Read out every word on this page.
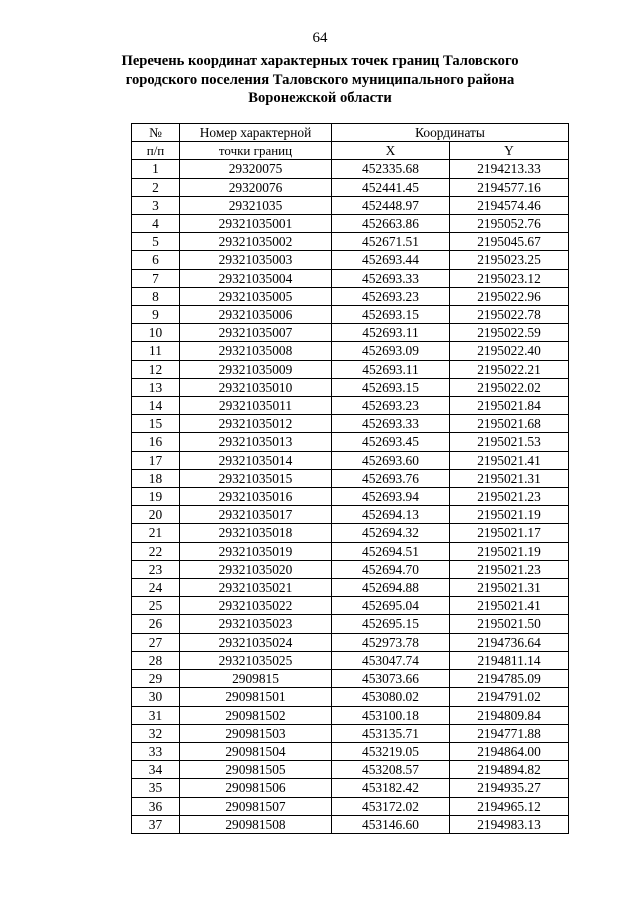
64
Перечень координат характерных точек границ Таловского
городского поселения Таловского муниципального района
Воронежской области
№	Номер характерной	Координаты	
п/п	точки границ	X	Y
1	29320075	452335.68	2194213.33
2	29320076	452441.45	2194577.16
3	29321035	452448.97	2194574.46
4	29321035001	452663.86	2195052.76
5	29321035002	452671.51	2195045.67
6	29321035003	452693.44	2195023.25
7	29321035004	452693.33	2195023.12
8	29321035005	452693.23	2195022.96
9	29321035006	452693.15	2195022.78
10	29321035007	452693.11	2195022.59
11	29321035008	452693.09	2195022.40
12	29321035009	452693.11	2195022.21
13	29321035010	452693.15	2195022.02
14	29321035011	452693.23	2195021.84
15	29321035012	452693.33	2195021.68
16	29321035013	452693.45	2195021.53
17	29321035014	452693.60	2195021.41
18	29321035015	452693.76	2195021.31
19	29321035016	452693.94	2195021.23
20	29321035017	452694.13	2195021.19
21	29321035018	452694.32	2195021.17
22	29321035019	452694.51	2195021.19
23	29321035020	452694.70	2195021.23
24	29321035021	452694.88	2195021.31
25	29321035022	452695.04	2195021.41
26	29321035023	452695.15	2195021.50
27	29321035024	452973.78	2194736.64
28	29321035025	453047.74	2194811.14
29	2909815	453073.66	2194785.09
30	290981501	453080.02	2194791.02
31	290981502	453100.18	2194809.84
32	290981503	453135.71	2194771.88
33	290981504	453219.05	2194864.00
34	290981505	453208.57	2194894.82
35	290981506	453182.42	2194935.27
36	290981507	453172.02	2194965.12
37	290981508	453146.60	2194983.13
